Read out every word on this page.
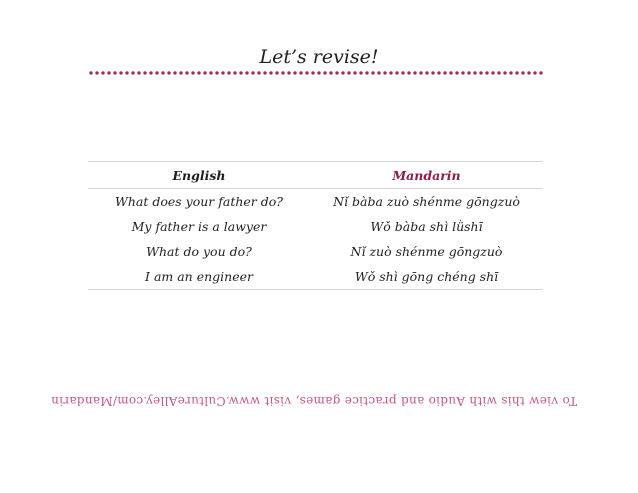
Let’s revise!
English	Mandarin
What does your father do?	Nǐ bàba zuò shénme gōngzuò
My father is a lawyer	Wǒ bàba shì lǜshī
What do you do?	Nǐ zuò shénme gōngzuò
I am an engineer	Wǒ shì gōng chéng shī
To view this with Audio and practice games, visit www.CultureAlley.com/Mandarin
